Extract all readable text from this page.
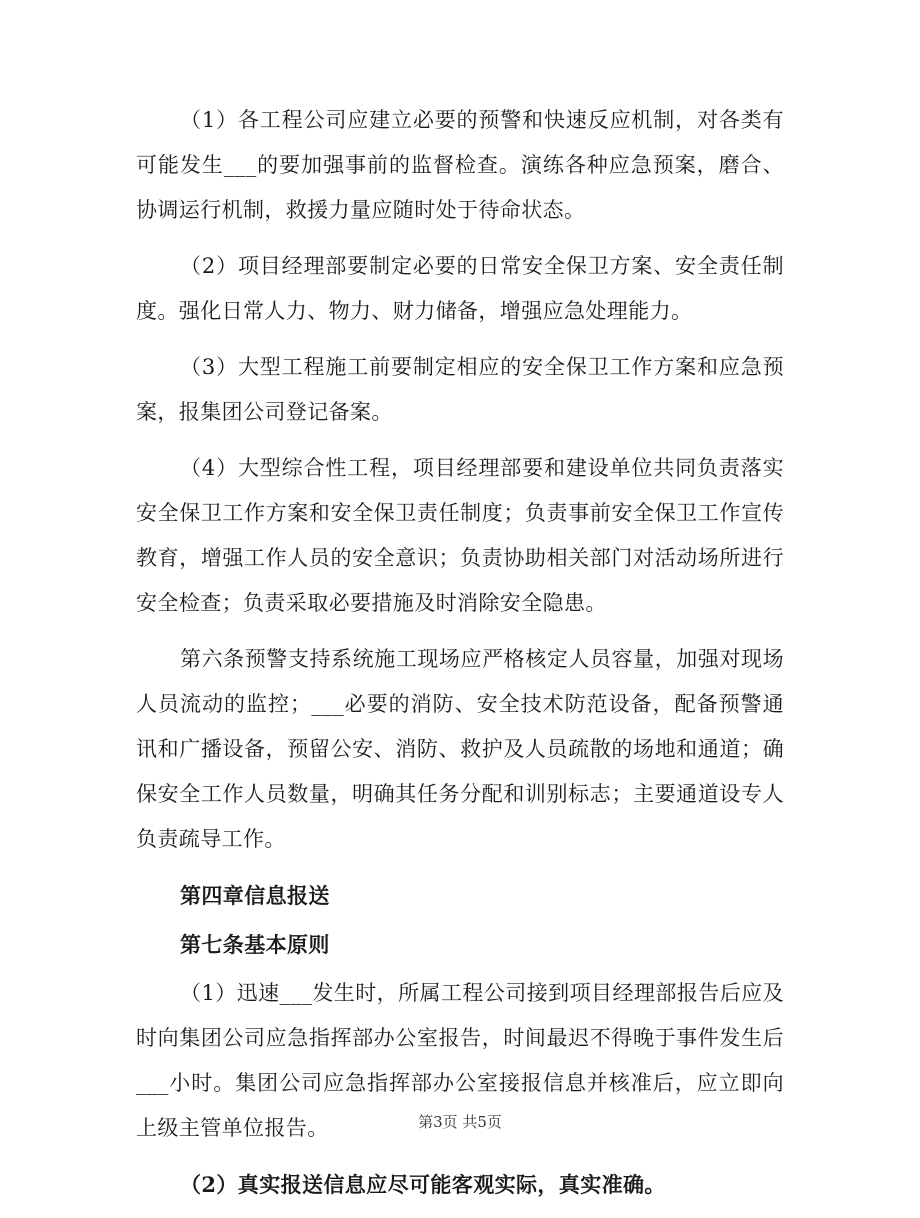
（1）各工程公司应建立必要的预警和快速反应机制，对各类有可能发生___的要加强事前的监督检查。演练各种应急预案，磨合、协调运行机制，救援力量应随时处于待命状态。

（2）项目经理部要制定必要的日常安全保卫方案、安全责任制度。强化日常人力、物力、财力储备，增强应急处理能力。

（3）大型工程施工前要制定相应的安全保卫工作方案和应急预案，报集团公司登记备案。

（4）大型综合性工程，项目经理部要和建设单位共同负责落实安全保卫工作方案和安全保卫责任制度；负责事前安全保卫工作宣传教育，增强工作人员的安全意识；负责协助相关部门对活动场所进行安全检查；负责采取必要措施及时消除安全隐患。

第六条预警支持系统施工现场应严格核定人员容量，加强对现场人员流动的监控；___必要的消防、安全技术防范设备，配备预警通讯和广播设备，预留公安、消防、救护及人员疏散的场地和通道；确保安全工作人员数量，明确其任务分配和训别标志；主要通道设专人负责疏导工作。

第四章信息报送

第七条基本原则

（1）迅速___发生时，所属工程公司接到项目经理部报告后应及时向集团公司应急指挥部办公室报告，时间最迟不得晚于事件发生后___小时。集团公司应急指挥部办公室接报信息并核准后，应立即向上级主管单位报告。

（2）真实报送信息应尽可能客观实际，真实准确。

第3页 共5页
